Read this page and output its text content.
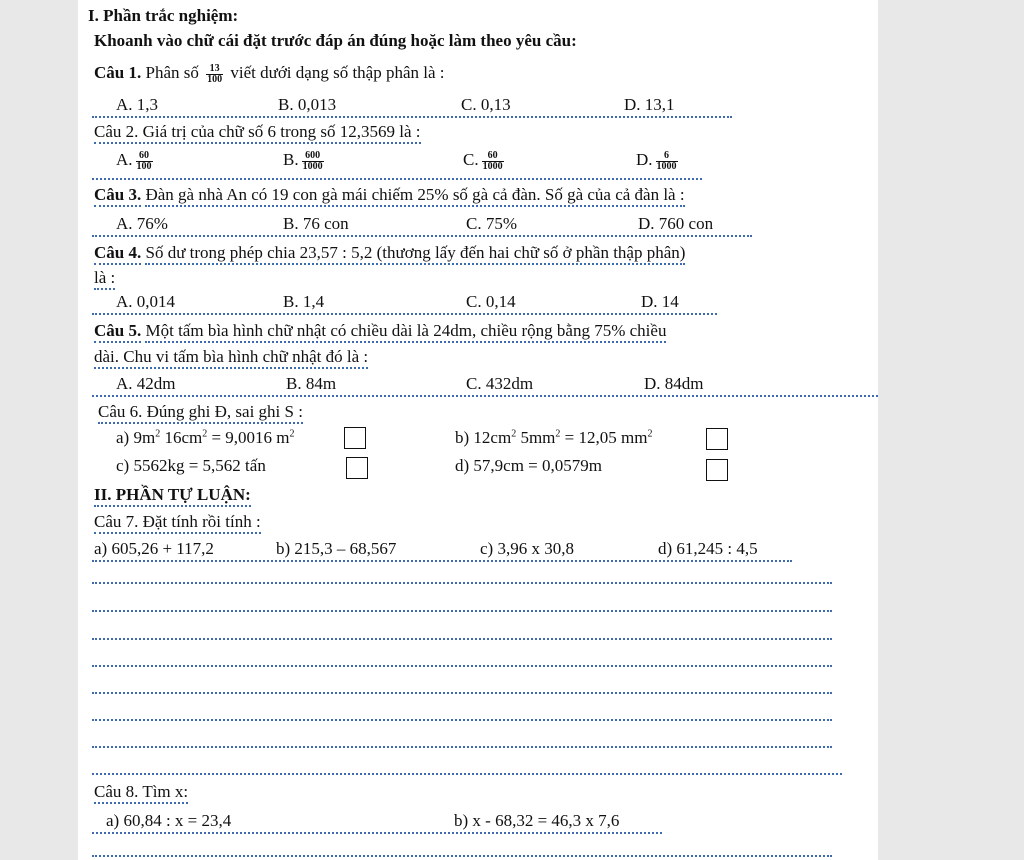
I. Phần trắc nghiệm:
Khoanh vào chữ cái đặt trước đáp án đúng hoặc làm theo yêu cầu:
Câu 1. Phân số $\frac{13}{100}$ viết dưới dạng số thập phân là :
A. 1,3	B. 0,013	C. 0,13	D. 13,1
Câu 2. Giá trị của chữ số 6 trong số 12,3569 là :
A. $\frac{60}{100}$	B. $\frac{600}{1000}$	C. $\frac{60}{1000}$	D. $\frac{6}{1000}$
Câu 3. Đàn gà nhà An có 19 con gà mái chiếm 25% số gà cả đàn. Số gà của cả đàn là :
A. 76%	B. 76 con	C. 75%	D. 760 con
Câu 4. Số dư trong phép chia 23,57 : 5,2 (thương lấy đến hai chữ số ở phần thập phân)
là :
A. 0,014	B. 1,4	C. 0,14	D. 14
Câu 5. Một tấm bìa hình chữ nhật có chiều dài là 24dm, chiều rộng bằng 75% chiều
dài. Chu vi tấm bìa hình chữ nhật đó là :
A. 42dm	B. 84m	C. 432dm	D. 84dm
Câu 6. Đúng ghi Đ, sai ghi S :
a) $9m^2$ $16cm^2 = 9,0016$ $m^2$	b) $12cm^2$ $5mm^2 = 12,05$ $mm^2$
c) 5562kg = 5,562 tấn	d) 57,9cm = 0,0579m
II. PHẦN TỰ LUẬN:
Câu 7. Đặt tính rồi tính :
a) 605,26 + 117,2	b) 215,3 – 68,567	c) 3,96 x 30,8	d) 61,245 : 4,5
Câu 8. Tìm x:
a) 60,84 : x = 23,4	b) x - 68,32 = 46,3 x 7,6
